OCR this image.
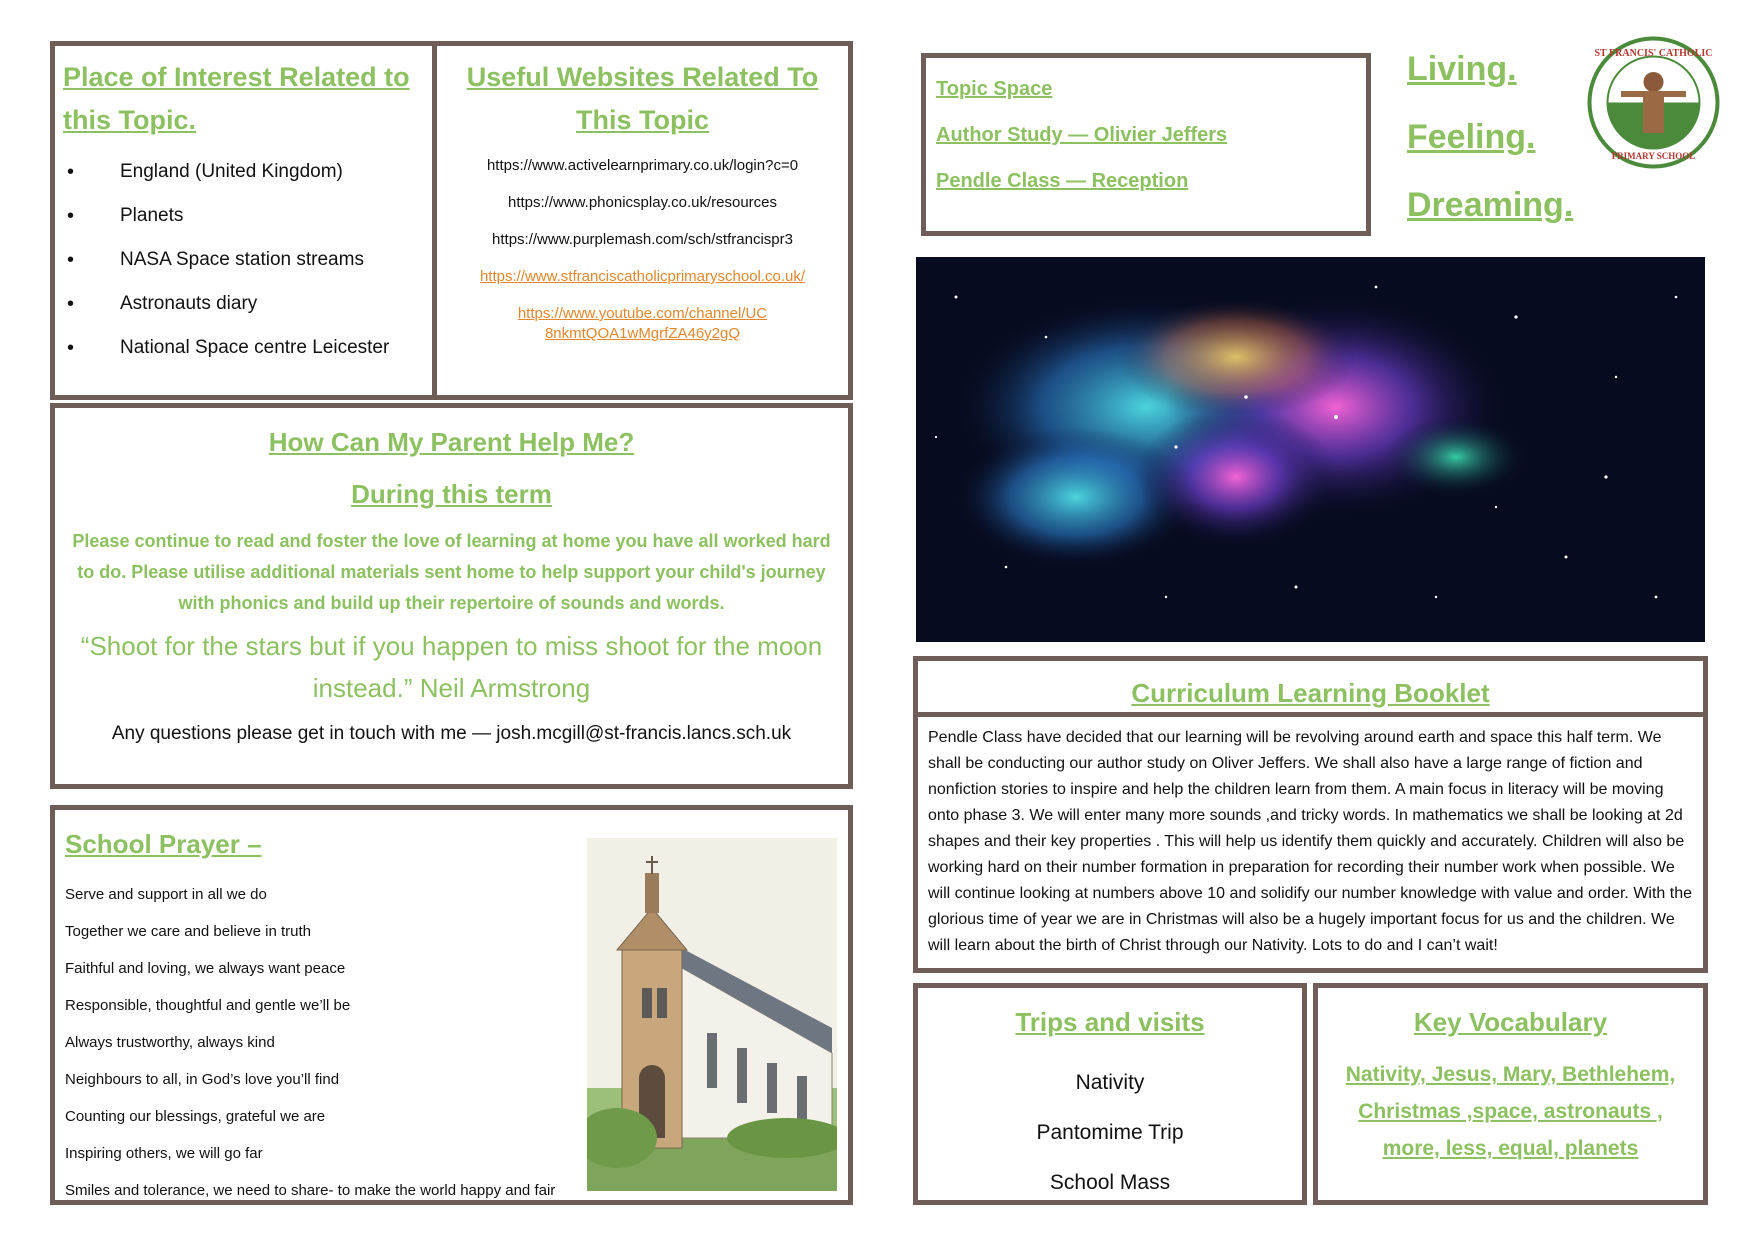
Place of Interest Related to this Topic.
• England (United Kingdom)
• Planets
• NASA Space station streams
• Astronauts diary
• National Space centre Leicester
Useful Websites Related To This Topic
https://www.activelearnprimary.co.uk/login?c=0
https://www.phonicsplay.co.uk/resources
https://www.purplemash.com/sch/stfrancispr3
https://www.stfranciscatholicprimaryschool.co.uk/
https://www.youtube.com/channel/UC8nkmtQOA1wMgrfZA46y2gQ
How Can My Parent Help Me?
During this term
Please continue to read and foster the love of learning at home you have all worked hard to do. Please utilise additional materials sent home to help support your child's journey with phonics and build up their repertoire of sounds and words.
“Shoot for the stars but if you happen to miss shoot for the moon instead.” Neil Armstrong
Any questions please get in touch with me — josh.mcgill@st-francis.lancs.sch.uk
School Prayer –
Serve and support in all we do
Together we care and believe in truth
Faithful and loving, we always want peace
Responsible, thoughtful and gentle we’ll be
Always trustworthy, always kind
Neighbours to all, in God’s love you’ll find
Counting our blessings, grateful we are
Inspiring others, we will go far
Smiles and tolerance, we need to share- to make the world happy and fair
Topic Space
Author Study — Olivier Jeffers
Pendle Class — Reception
Living.
Feeling.
Dreaming.
ST FRANCIS' CATHOLIC
PRIMARY SCHOOL
Curriculum Learning Booklet

Pendle Class have decided that our learning will be revolving around earth and space this half term. We shall be conducting our author study on Oliver Jeffers. We shall also have a large range of fiction and nonfiction stories to inspire and help the children learn from them. A main focus in literacy will be moving onto phase 3. We will enter many more sounds ,and tricky words. In mathematics we shall be looking at 2d shapes and their key properties . This will help us identify them quickly and accurately. Children will also be working hard on their number formation in preparation for recording their number work when possible. We will continue looking at numbers above 10 and solidify our number knowledge with value and order. With the glorious time of year we are in Christmas will also be a hugely important focus for us and the children. We will learn about the birth of Christ through our Nativity. Lots to do and I can’t wait!

Trips and visits
Nativity
Pantomime Trip
School Mass
Key Vocabulary
Nativity, Jesus, Mary, Bethlehem,
Christmas ,space, astronauts ,
more, less, equal, planets
